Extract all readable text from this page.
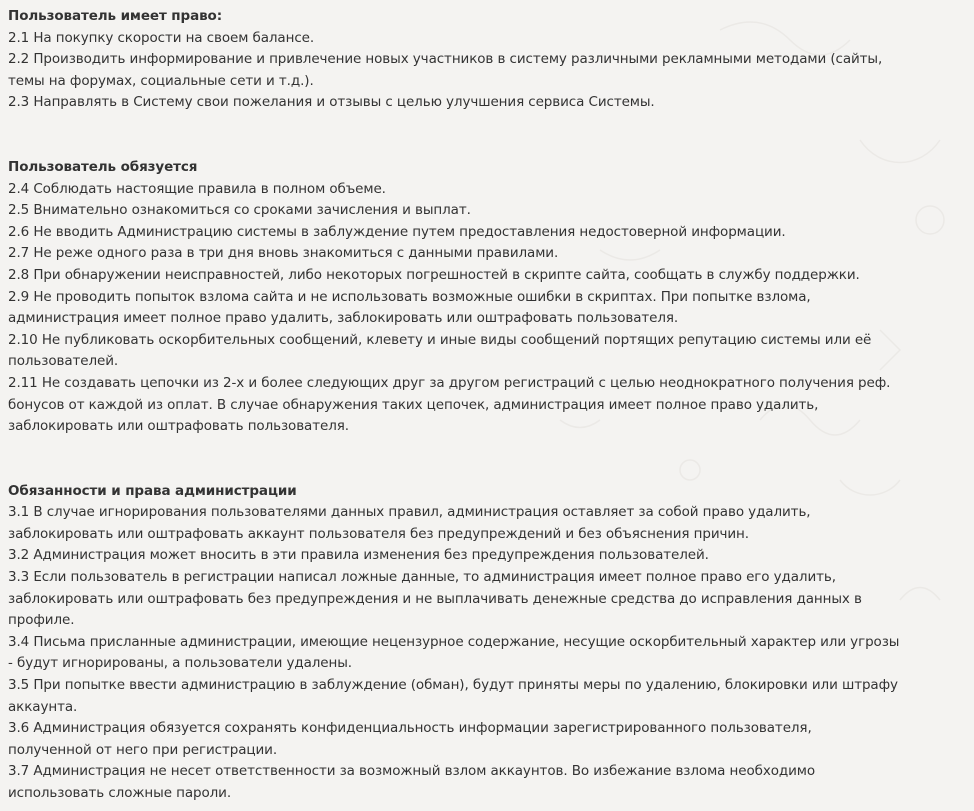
Пользователь имеет право:
2.1 На покупку скорости на своем балансе.
2.2 Производить информирование и привлечение новых участников в систему различными рекламными методами (сайты,
темы на форумах, социальные сети и т.д.).
2.3 Направлять в Систему свои пожелания и отзывы с целью улучшения сервиса Системы.
Пользователь обязуется
2.4 Соблюдать настоящие правила в полном объеме.
2.5 Внимательно ознакомиться со сроками зачисления и выплат.
2.6 Не вводить Администрацию системы в заблуждение путем предоставления недостоверной информации.
2.7 Не реже одного раза в три дня вновь знакомиться с данными правилами.
2.8 При обнаружении неисправностей, либо некоторых погрешностей в скрипте сайта, сообщать в службу поддержки.
2.9 Не проводить попыток взлома сайта и не использовать возможные ошибки в скриптах. При попытке взлома,
администрация имеет полное право удалить, заблокировать или оштрафовать пользователя.
2.10 Не публиковать оскорбительных сообщений, клевету и иные виды сообщений портящих репутацию системы или её
пользователей.
2.11 Не создавать цепочки из 2-х и более следующих друг за другом регистраций с целью неоднократного получения реф.
бонусов от каждой из оплат. В случае обнаружения таких цепочек, администрация имеет полное право удалить,
заблокировать или оштрафовать пользователя.
Обязанности и права администрации
3.1 В случае игнорирования пользователями данных правил, администрация оставляет за собой право удалить,
заблокировать или оштрафовать аккаунт пользователя без предупреждений и без объяснения причин.
3.2 Администрация может вносить в эти правила изменения без предупреждения пользователей.
3.3 Если пользователь в регистрации написал ложные данные, то администрация имеет полное право его удалить,
заблокировать или оштрафовать без предупреждения и не выплачивать денежные средства до исправления данных в
профиле.
3.4 Письма присланные администрации, имеющие нецензурное содержание, несущие оскорбительный характер или угрозы
- будут игнорированы, а пользователи удалены.
3.5 При попытке ввести администрацию в заблуждение (обман), будут приняты меры по удалению, блокировки или штрафу
аккаунта.
3.6 Администрация обязуется сохранять конфиденциальность информации зарегистрированного пользователя,
полученной от него при регистрации.
3.7 Администрация не несет ответственности за возможный взлом аккаунтов. Во избежание взлома необходимо
использовать сложные пароли.
